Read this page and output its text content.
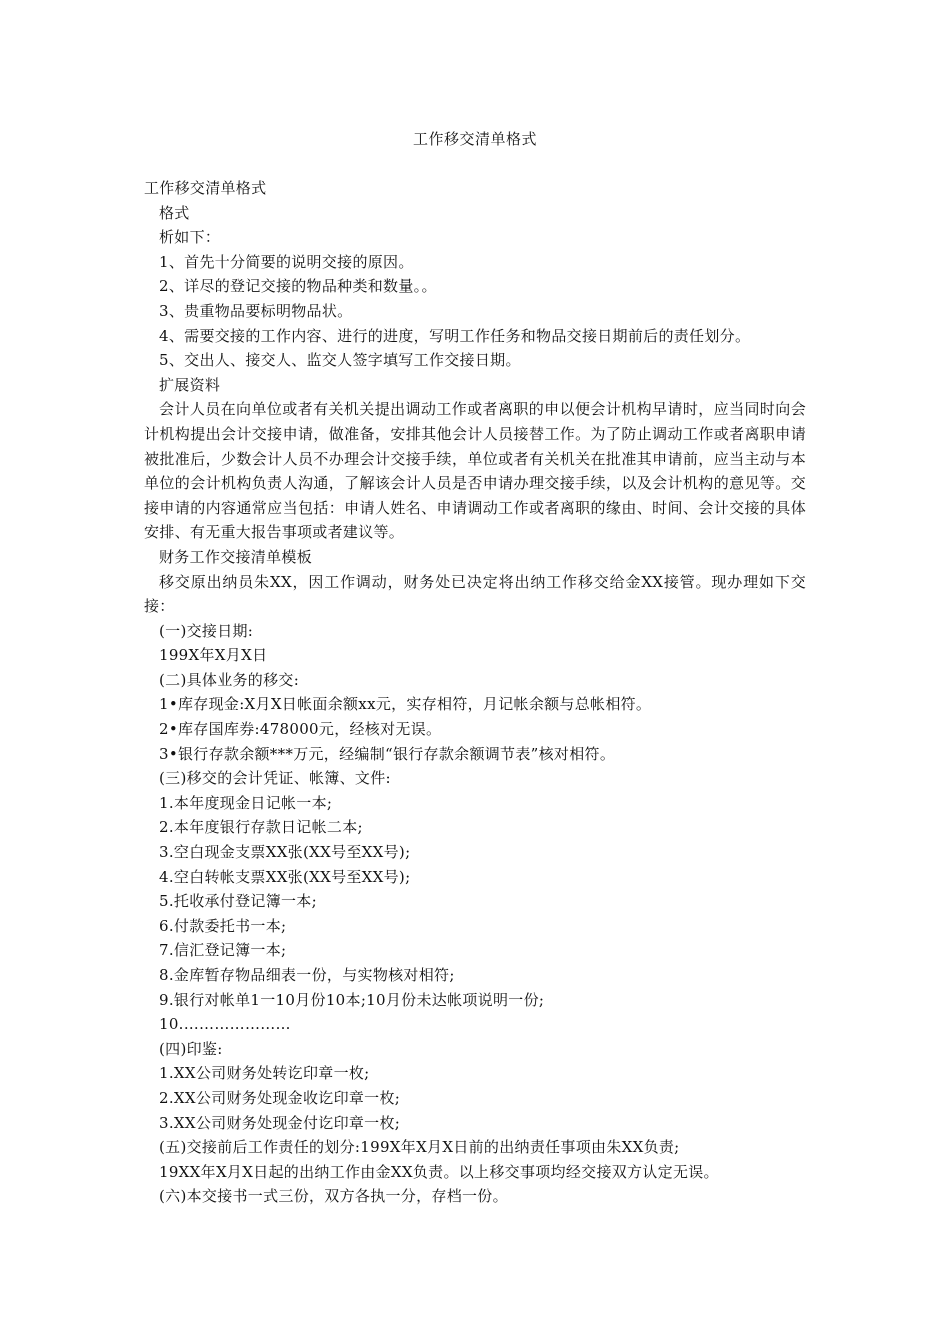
工作移交清单格式
工作移交清单格式
格式
析如下：
1、首先十分简要的说明交接的原因。
2、详尽的登记交接的物品种类和数量。。
3、贵重物品要标明物品状。
4、需要交接的工作内容、进行的进度，写明工作任务和物品交接日期前后的责任划分。
5、交出人、接交人、监交人签字填写工作交接日期。
扩展资料
会计人员在向单位或者有关机关提出调动工作或者离职的申以便会计机构早请时，应当同时向会计机构提出会计交接申请，做准备，安排其他会计人员接替工作。为了防止调动工作或者离职申请被批准后，少数会计人员不办理会计交接手续，单位或者有关机关在批准其申请前，应当主动与本单位的会计机构负责人沟通，了解该会计人员是否申请办理交接手续，以及会计机构的意见等。交接申请的内容通常应当包括：申请人姓名、申请调动工作或者离职的缘由、时间、会计交接的具体安排、有无重大报告事项或者建议等。
财务工作交接清单模板
移交原出纳员朱XX，因工作调动，财务处已决定将出纳工作移交给金XX接管。现办理如下交接：
(一)交接日期:
199X年X月X日
(二)具体业务的移交:
1•库存现金:X月X日帐面余额xx元，实存相符，月记帐余额与总帐相符。
2•库存国库券:478000元，经核对无误。
3•银行存款余额***万元，经编制“银行存款余额调节表”核对相符。
(三)移交的会计凭证、帐簿、文件:
1.本年度现金日记帐一本;
2.本年度银行存款日记帐二本;
3.空白现金支票XX张(XX号至XX号);
4.空白转帐支票XX张(XX号至XX号);
5.托收承付登记簿一本;
6.付款委托书一本;
7.信汇登记簿一本;
8.金库暂存物品细表一份，与实物核对相符;
9.银行对帐单1一10月份10本;10月份未达帐项说明一份;
10.…………………
(四)印鉴:
1.XX公司财务处转讫印章一枚;
2.XX公司财务处现金收讫印章一枚;
3.XX公司财务处现金付讫印章一枚;
(五)交接前后工作责任的划分:199X年X月X日前的出纳责任事项由朱XX负责;
19XX年X月X日起的出纳工作由金XX负责。以上移交事项均经交接双方认定无误。
(六)本交接书一式三份，双方各执一分，存档一份。
